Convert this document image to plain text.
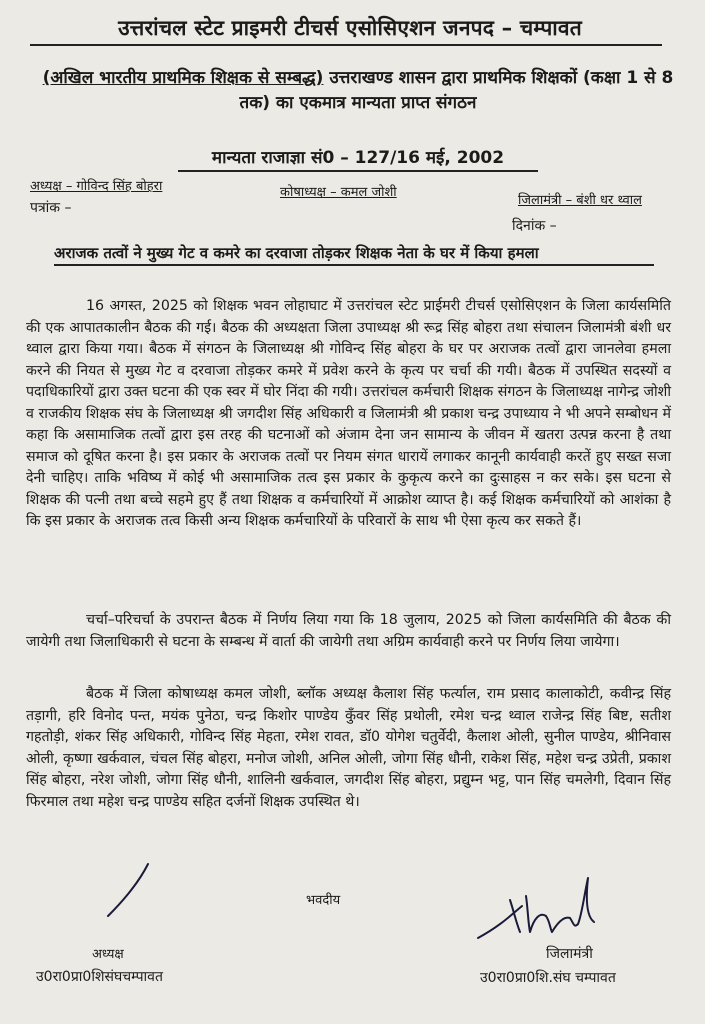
उत्तरांचल स्टेट प्राइमरी टीचर्स एसोसिएशन जनपद – चम्पावत
(अखिल भारतीय प्राथमिक शिक्षक से सम्बद्ध) उत्तराखण्ड शासन द्वारा प्राथमिक शिक्षकों (कक्षा 1 से 8 तक) का एकमात्र मान्यता प्राप्त संगठन
मान्यता राजाज्ञा सं0 – 127/16 मई, 2002
अध्यक्ष – गोविन्द सिंह बोहरा	कोषाध्यक्ष – कमल जोशी
जिलामंत्री – बंशी धर थ्वाल
पत्रांक –
दिनांक –
अराजक तत्वों ने मुख्य गेट व कमरे का दरवाजा तोड़कर शिक्षक नेता के घर में किया हमला

16 अगस्त, 2025 को शिक्षक भवन लोहाघाट में उत्तरांचल स्टेट प्राईमरी टीचर्स एसोसिएशन के जिला कार्यसमिति की एक आपातकालीन बैठक की गई। बैठक की अध्यक्षता जिला उपाध्यक्ष श्री रूद्र सिंह बोहरा तथा संचालन जिलामंत्री बंशी धर थ्वाल द्वारा किया गया। बैठक में संगठन के जिलाध्यक्ष श्री गोविन्द सिंह बोहरा के घर पर अराजक तत्वों द्वारा जानलेवा हमला करने की नियत से मुख्य गेट व दरवाजा तोड़कर कमरे में प्रवेश करने के कृत्य पर चर्चा की गयी। बैठक में उपस्थित सदस्यों व पदाधिकारियों द्वारा उक्त घटना की एक स्वर में घोर निंदा की गयी। उत्तरांचल कर्मचारी शिक्षक संगठन के जिलाध्यक्ष नागेन्द्र जोशी व राजकीय शिक्षक संघ के जिलाध्यक्ष श्री जगदीश सिंह अधिकारी व जिलामंत्री श्री प्रकाश चन्द्र उपाध्याय ने भी अपने सम्बोधन में कहा कि असामाजिक तत्वों द्वारा इस तरह की घटनाओं को अंजाम देना जन सामान्य के जीवन में खतरा उत्पन्न करना है तथा समाज को दूषित करना है। इस प्रकार के अराजक तत्वों पर नियम संगत धारायें लगाकर कानूनी कार्यवाही करतें हुए सख्त सजा देनी चाहिए। ताकि भविष्य में कोई भी असामाजिक तत्व इस प्रकार के कुकृत्य करने का दुःसाहस न कर सके। इस घटना से शिक्षक की पत्नी तथा बच्चे सहमे हुए हैं तथा शिक्षक व कर्मचारियों में आक्रोश व्याप्त है। कई शिक्षक कर्मचारियों को आशंका है कि इस प्रकार के अराजक तत्व किसी अन्य शिक्षक कर्मचारियों के परिवारों के साथ भी ऐसा कृत्य कर सकते हैं।

चर्चा–परिचर्चा के उपरान्त बैठक में निर्णय लिया गया कि 18 जुलाय, 2025 को जिला कार्यसमिति की बैठक की जायेगी तथा जिलाधिकारी से घटना के सम्बन्ध में वार्ता की जायेगी तथा अग्रिम कार्यवाही करने पर निर्णय लिया जायेगा।

बैठक में जिला कोषाध्यक्ष कमल जोशी, ब्लॉक अध्यक्ष कैलाश सिंह फर्त्याल, राम प्रसाद कालाकोटी, कवीन्द्र सिंह तड़ागी, हरि विनोद पन्त, मयंक पुनेठा, चन्द्र किशोर पाण्डेय कुँवर सिंह प्रथोली, रमेश चन्द्र थ्वाल राजेन्द्र सिंह बिष्ट, सतीश गहतोड़ी, शंकर सिंह अधिकारी, गोविन्द सिंह मेहता, रमेश रावत, डॉ0 योगेश चतुर्वेदी, कैलाश ओली, सुनील पाण्डेय, श्रीनिवास ओली, कृष्णा खर्कवाल, चंचल सिंह बोहरा, मनोज जोशी, अनिल ओली, जोगा सिंह धौनी, राकेश सिंह, महेश चन्द्र उप्रेती, प्रकाश सिंह बोहरा, नरेश जोशी, जोगा सिंह धौनी, शालिनी खर्कवाल, जगदीश सिंह बोहरा, प्रद्युम्न भट्ट, पान सिंह चमलेगी, दिवान सिंह फिरमाल तथा महेश चन्द्र पाण्डेय सहित दर्जनों शिक्षक उपस्थित थे।

भवदीय
अध्यक्ष
उ0रा0प्रा0शिसंघचम्पावत
जिलामंत्री
उ0रा0प्रा0शि.संघ चम्पावत
